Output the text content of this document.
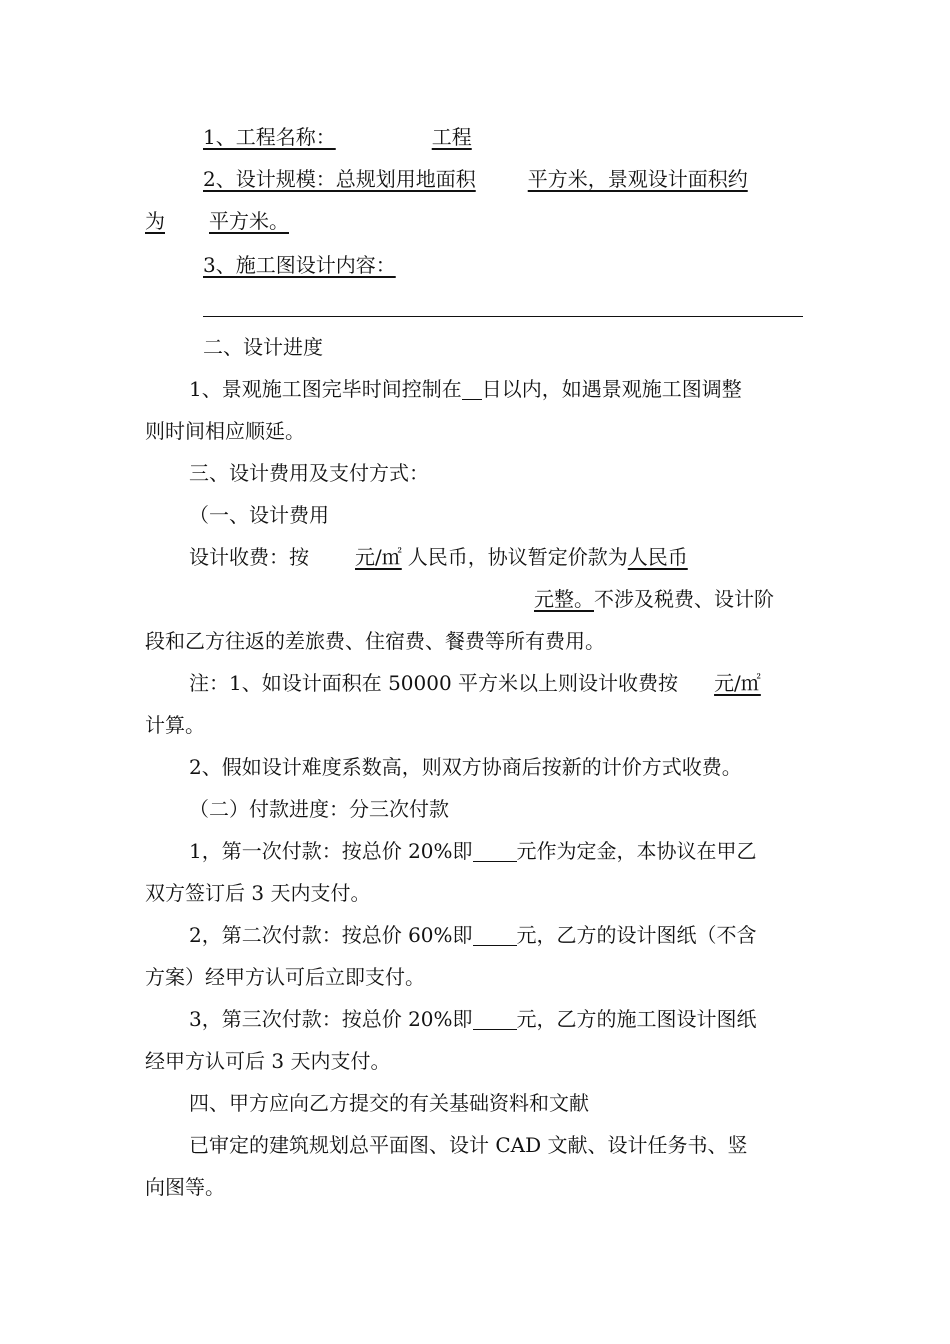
1、工程名称：	工程
2、设计规模：总规划用地面积	平方米，景观设计面积约
为 平方米。
3、施工图设计内容：
二、设计进度
1、景观施工图完毕时间控制在 日以内，如遇景观施工图调整
则时间相应顺延。
三、设计费用及支付方式：
（一、设计费用
设计收费：按 元/㎡ 人民币，协议暂定价款为人民币
元整。不涉及税费、设计阶
段和乙方往返的差旅费、住宿费、餐费等所有费用。
注：1、如设计面积在 50000 平方米以上则设计收费按 元/㎡
计算。
2、假如设计难度系数高，则双方协商后按新的计价方式收费。
（二）付款进度：分三次付款
1，第一次付款：按总价 20%即 元作为定金，本协议在甲乙
双方签订后 3 天内支付。
2，第二次付款：按总价 60%即 元，乙方的设计图纸（不含
方案）经甲方认可后立即支付。
3，第三次付款：按总价 20%即 元，乙方的施工图设计图纸
经甲方认可后 3 天内支付。
四、甲方应向乙方提交的有关基础资料和文献
已审定的建筑规划总平面图、设计 CAD 文献、设计任务书、竖
向图等。
